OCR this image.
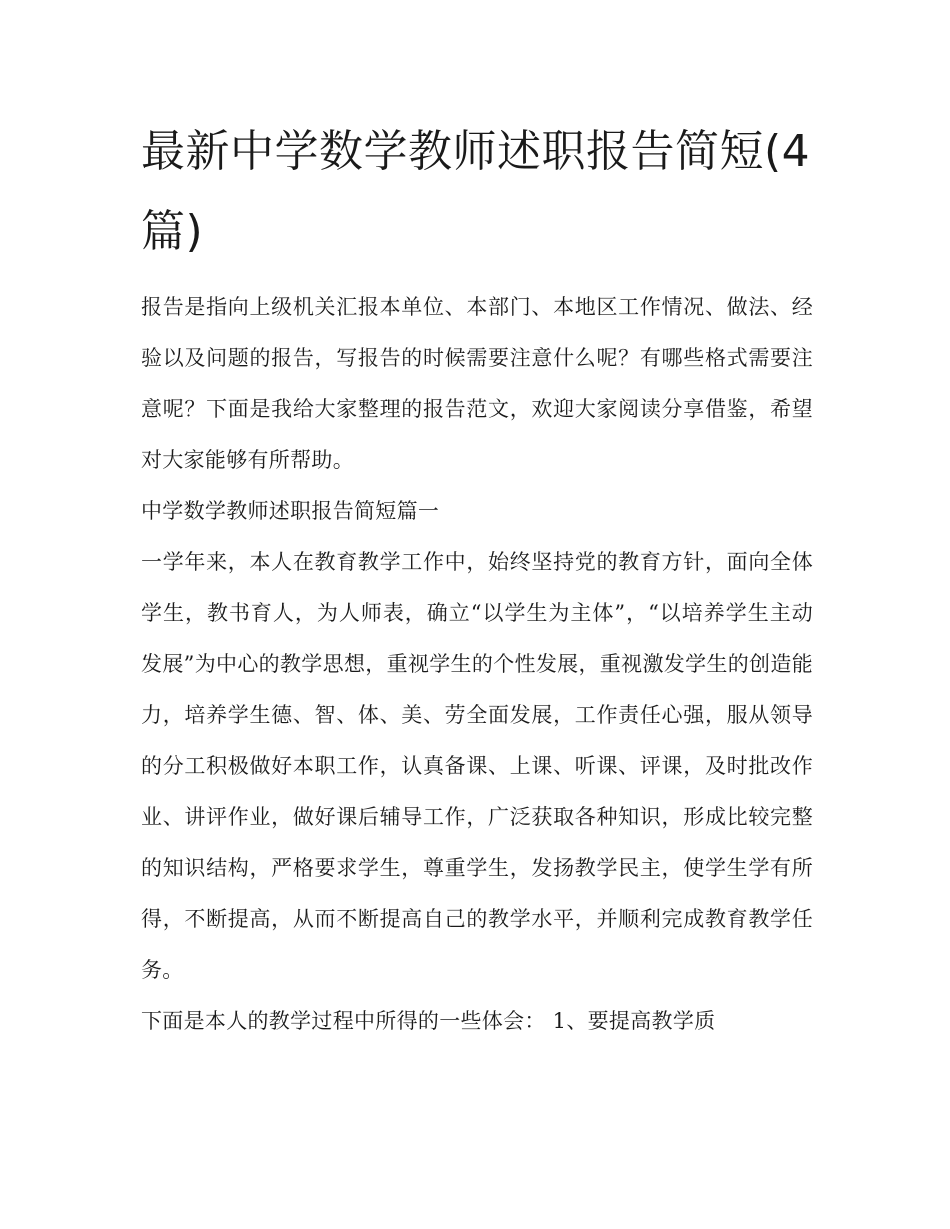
最新中学数学教师述职报告简短(4篇)

报告是指向上级机关汇报本单位、本部门、本地区工作情况、做法、经验以及问题的报告，写报告的时候需要注意什么呢？有哪些格式需要注意呢？下面是我给大家整理的报告范文，欢迎大家阅读分享借鉴，希望对大家能够有所帮助。

中学数学教师述职报告简短篇一

一学年来，本人在教育教学工作中，始终坚持党的教育方针，面向全体学生，教书育人，为人师表，确立“以学生为主体”，“以培养学生主动发展”为中心的教学思想，重视学生的个性发展，重视激发学生的创造能力，培养学生德、智、体、美、劳全面发展，工作责任心强，服从领导的分工积极做好本职工作，认真备课、上课、听课、评课，及时批改作业、讲评作业，做好课后辅导工作，广泛获取各种知识，形成比较完整的知识结构，严格要求学生，尊重学生，发扬教学民主，使学生学有所得，不断提高，从而不断提高自己的教学水平，并顺利完成教育教学任务。

下面是本人的教学过程中所得的一些体会： 1、要提高教学质
